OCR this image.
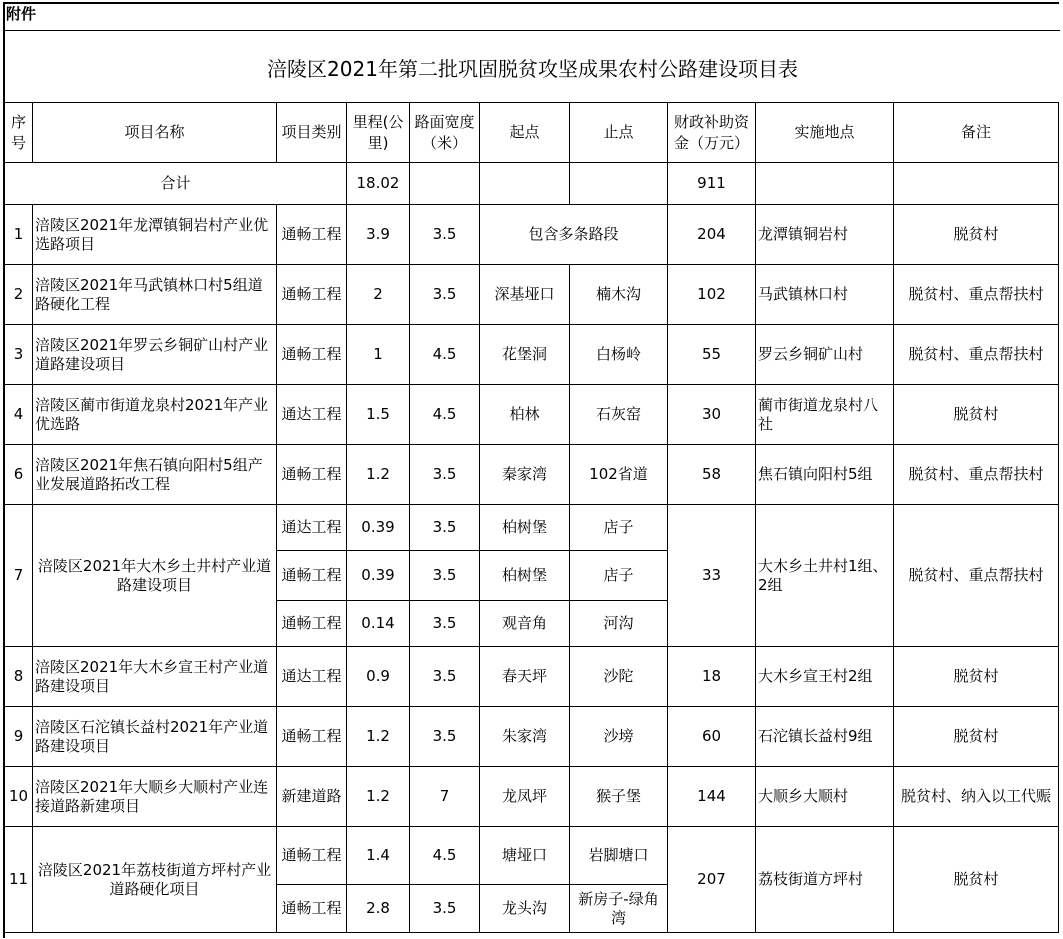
附件
涪陵区2021年第二批巩固脱贫攻坚成果农村公路建设项目表
序号	项目名称	项目类别	里程(公里)	路面宽度（米）	起点	止点	财政补助资金（万元）	实施地点	备注
合计			18.02				911		
1	涪陵区2021年龙潭镇铜岩村产业优选路项目	通畅工程	3.9	3.5	包含多条路段		204	龙潭镇铜岩村	脱贫村
2	涪陵区2021年马武镇林口村5组道路硬化工程	通畅工程	2	3.5	深基垭口	楠木沟	102	马武镇林口村	脱贫村、重点帮扶村
3	涪陵区2021年罗云乡铜矿山村产业道路建设项目	通畅工程	1	4.5	花堡洞	白杨岭	55	罗云乡铜矿山村	脱贫村、重点帮扶村
4	涪陵区蔺市街道龙泉村2021年产业优选路	通达工程	1.5	4.5	柏林	石灰窑	30	蔺市街道龙泉村八社	脱贫村
6	涪陵区2021年焦石镇向阳村5组产业发展道路拓改工程	通畅工程	1.2	3.5	秦家湾	102省道	58	焦石镇向阳村5组	脱贫村、重点帮扶村
7	涪陵区2021年大木乡土井村产业道路建设项目	通达工程	0.39	3.5	柏树堡	店子	33	大木乡土井村1组、2组	脱贫村、重点帮扶村
		通畅工程	0.39	3.5	柏树堡	店子			
		通畅工程	0.14	3.5	观音角	河沟			
8	涪陵区2021年大木乡宣王村产业道路建设项目	通达工程	0.9	3.5	春天坪	沙陀	18	大木乡宣王村2组	脱贫村
9	涪陵区石沱镇长益村2021年产业道路建设项目	通畅工程	1.2	3.5	朱家湾	沙塝	60	石沱镇长益村9组	脱贫村
10	涪陵区2021年大顺乡大顺村产业连接道路新建项目	新建道路	1.2	7	龙凤坪	猴子堡	144	大顺乡大顺村	脱贫村、纳入以工代赈
11	涪陵区2021年荔枝街道方坪村产业道路硬化项目	通畅工程	1.4	4.5	塘垭口	岩脚塘口	207	荔枝街道方坪村	脱贫村
		通畅工程	2.8	3.5	龙头沟	新房子-绿角湾			
